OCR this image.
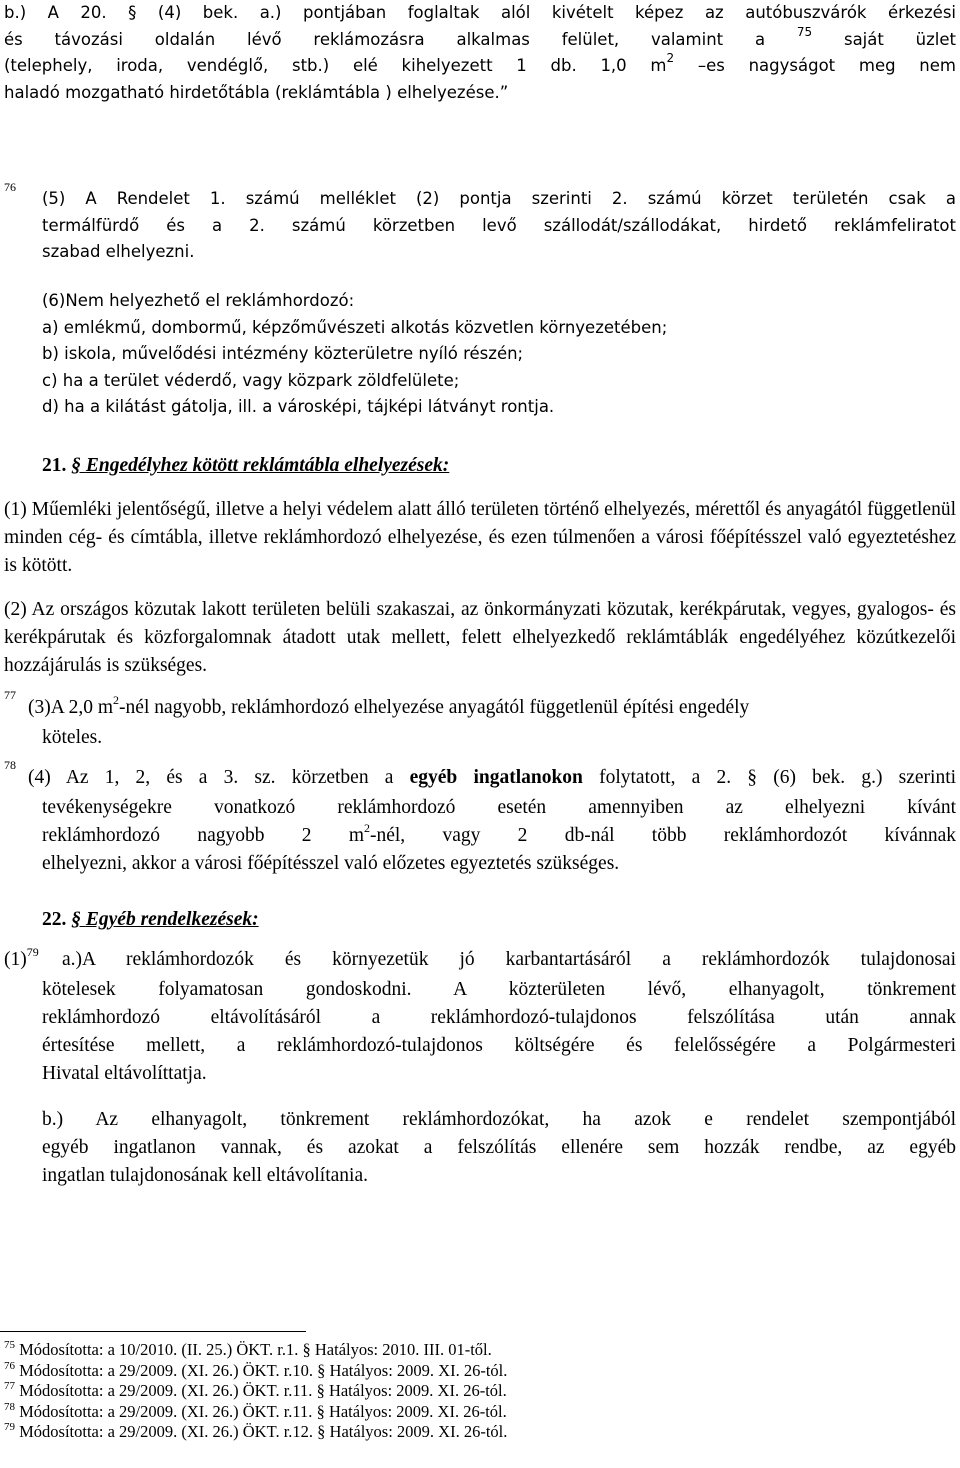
b.) A 20. § (4) bek. a.) pontjában foglaltak alól kivételt képez az autóbuszvárók érkezési
és távozási oldalán lévő reklámozásra alkalmas felület, valamint a	$^{75}$ saját üzlet
(telephely, iroda, vendéglő, stb.) elé kihelyezett 1 db. 1,0 $m^2$ –es nagyságot meg nem
haladó mozgatható hirdetőtábla (reklámtábla ) elhelyezése.”
76
(5) A Rendelet 1. számú melléklet (2) pontja szerinti 2. számú körzet területén csak a
termálfürdő és a 2. számú körzetben levő szállodát/szállodákat, hirdető reklámfeliratot
szabad elhelyezni.
(6)Nem helyezhető el reklámhordozó:
a) emlékmű, dombormű, képzőművészeti alkotás közvetlen környezetében;
b) iskola, művelődési intézmény közterületre nyíló részén;
c) ha a terület véderdő, vagy közpark zöldfelülete;
d) ha a kilátást gátolja, ill. a városképi, tájképi látványt rontja.
21. § Engedélyhez kötött reklámtábla elhelyezések:
(1) Műemléki jelentőségű, illetve a helyi védelem alatt álló területen történő elhelyezés, mérettől és anyagától függetlenül minden cég- és címtábla, illetve reklámhordozó elhelyezése, és ezen túlmenően a városi főépítésszel való egyeztetéshez is kötött.
(2) Az országos közutak lakott területen belüli szakaszai, az önkormányzati közutak, kerékpárutak, vegyes, gyalogos- és kerékpárutak és közforgalomnak átadott utak mellett, felett elhelyezkedő reklámtáblák engedélyéhez közútkezelői hozzájárulás is szükséges.
77
(3)A 2,0 $m^2$-nél nagyobb, reklámhordozó elhelyezése anyagától függetlenül építési engedély
köteles.
78
(4) Az 1, 2, és a 3. sz. körzetben a egyéb ingatlanokon folytatott, a 2. § (6) bek. g.) szerinti
tevékenységekre vonatkozó reklámhordozó esetén amennyiben az elhelyezni kívánt
reklámhordozó nagyobb 2 $m^2$-nél, vagy 2 db-nál több reklámhordozót kívánnak
elhelyezni, akkor a városi főépítésszel való előzetes egyeztetés szükséges.
22. § Egyéb rendelkezések:
(1)$^{79}$ a.)A reklámhordozók és környezetük jó karbantartásáról a reklámhordozók tulajdonosai
kötelesek folyamatosan gondoskodni. A közterületen lévő, elhanyagolt, tönkrement
reklámhordozó eltávolításáról a reklámhordozó-tulajdonos felszólítása után annak
értesítése mellett, a reklámhordozó-tulajdonos költségére és felelősségére a Polgármesteri
Hivatal eltávolíttatja.
b.) Az elhanyagolt, tönkrement reklámhordozókat, ha azok e rendelet szempontjából
egyéb ingatlanon vannak, és azokat a felszólítás ellenére sem hozzák rendbe, az egyéb
ingatlan tulajdonosának kell eltávolítania.
$^{75}$ Módosította: a 10/2010. (II. 25.) ÖKT. r.1. § Hatályos: 2010. III. 01-től.
$^{76}$ Módosította: a 29/2009. (XI. 26.) ÖKT. r.10. § Hatályos: 2009. XI. 26-tól.
$^{77}$ Módosította: a 29/2009. (XI. 26.) ÖKT. r.11. § Hatályos: 2009. XI. 26-tól.
$^{78}$ Módosította: a 29/2009. (XI. 26.) ÖKT. r.11. § Hatályos: 2009. XI. 26-tól.
$^{79}$ Módosította: a 29/2009. (XI. 26.) ÖKT. r.12. § Hatályos: 2009. XI. 26-tól.
